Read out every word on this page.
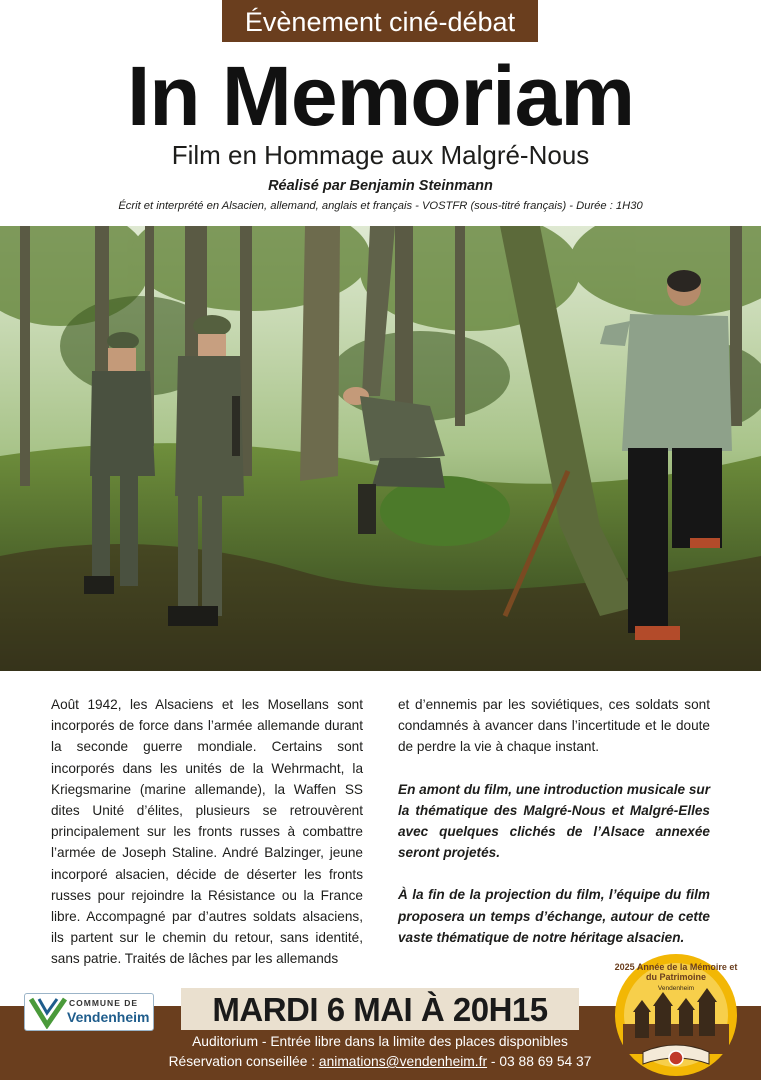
Évènement ciné-débat
In Memoriam
Film en Hommage aux Malgré-Nous
Réalisé par Benjamin Steinmann
Écrit et interprété en Alsacien, allemand, anglais et français - VOSTFR (sous-titré français) - Durée : 1H30

Août 1942, les Alsaciens et les Mosellans sont incorporés de force dans l’armée allemande durant la seconde guerre mondiale. Certains sont incorporés dans les unités de la Wehrmacht, la Kriegsmarine (marine allemande), la Waffen SS dites Unité d’élites, plusieurs se retrouvèrent principalement sur les fronts russes à combattre l’armée de Joseph Staline. André Balzinger, jeune incorporé alsacien, décide de déserter les fronts russes pour rejoindre la Résistance ou la France libre. Accompagné par d’autres soldats alsaciens, ils partent sur le chemin du retour, sans identité, sans patrie. Traités de lâches par les allemands

et d’ennemis par les soviétiques, ces soldats sont condamnés à avancer dans l’incertitude et le doute de perdre la vie à chaque instant.

En amont du film, une introduction musicale sur la thématique des Malgré-Nous et Malgré-Elles avec quelques clichés de l’Alsace annexée seront projetés.

À la fin de la projection du film, l’équipe du film proposera un temps d’échange, autour de cette vaste thématique de notre héritage alsacien.

COMMUNE DE
Vendenheim	MARDI 6 MAI À 20H15
Auditorium - Entrée libre dans la limite des places disponibles
Réservation conseillée : animations@vendenheim.fr - 03 88 69 54 37
2025 Année de la Mémoire et du Patrimoine
Vendenheim
